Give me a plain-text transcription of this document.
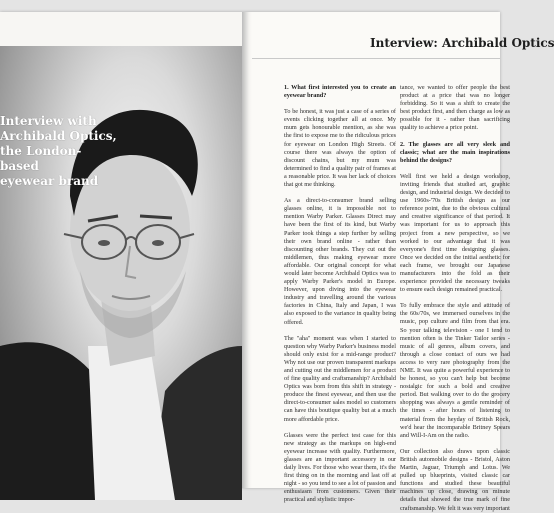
Interview with
Archibald Optics,
the London-based
eyewear brand
Interview: Archibald Optics

1. What first interested you to create an eyewear brand?

To be honest, it was just a case of a series of events clicking together all at once. My mum gets honourable mention, as she was the first to expose me to the ridiculous prices for eyewear on London High Streets. Of course there was always the option of discount chains, but my mum was determined to find a quality pair of frames at a reasonable price. It was her lack of choices that got me thinking.

As a direct-to-consumer brand selling glasses online, it is impossible not to mention Warby Parker. Glasses Direct may have been the first of its kind, but Warby Parker took things a step further by selling their own brand online - rather than discounting other brands. They cut out the middlemen, thus making eyewear more affordable. Our original concept for what would later become Archibald Optics was to apply Warby Parker's model in Europe. However, upon diving into the eyewear industry and travelling around the various factories in China, Italy and Japan, I was also exposed to the variance in quality being offered.

The "aha" moment was when I started to question why Warby Parker's business model should only exist for a mid-range product? Why not use our proven transparent markups and cutting out the middlemen for a product of fine quality and craftsmanship? Archibald Optics was born from this shift in strategy - produce the finest eyewear, and then use the direct-to-consumer sales model so customers can have this boutique quality but at a much more affordable price.

Glasses were the perfect test case for this new strategy as the markups on high-end eyewear increase with quality. Furthermore, glasses are an important accessory in our daily lives. For those who wear them, it's the first thing on in the morning and last off at night - so you tend to see a lot of passion and enthusiasm from customers. Given their practical and stylistic impor-

tance, we wanted to offer people the best product at a price that was no longer forbidding. So it was a shift to create the best product first, and then charge as low as possible for it - rather than sacrificing quality to achieve a price point.

2. The glasses are all very sleek and classic; what are the main inspirations behind the designs?

Well first we held a design workshop, inviting friends that studied art, graphic design, and industrial design. We decided to use 1960s-'70s British design as our reference point, due to the obvious cultural and creative significance of that period. It was important for us to approach this project from a new perspective, so we worked to our advantage that it was everyone's first time designing glasses. Once we decided on the initial aesthetic for each frame, we brought our Japanese manufacturers into the fold as their experience provided the necessary tweaks to ensure each design remained practical.

To fully embrace the style and attitude of the 60s/70s, we immersed ourselves in the music, pop culture and film from that era. So your talking television - one I tend to mention often is the Tinker Tailor series - music of all genres, album covers, and through a close contact of ours we had access to very rare photography from the NME. It was quite a powerful experience to be honest, so you can't help but become nostalgic for such a bold and creative period. But walking over to do the grocery shopping was always a gentle reminder of the times - after hours of listening to material from the heyday of British Rock, we'd hear the incomparable Britney Spears and Will-I-Am on the radio.

Our collection also draws upon classic British automobile designs - Bristol, Aston Martin, Jaguar, Triumph and Lotus. We pulled up blueprints, visited classic car functions and studied these beautiful machines up close, drawing on minute details that showed the true mark of fine craftsmanship. We felt it was very important
